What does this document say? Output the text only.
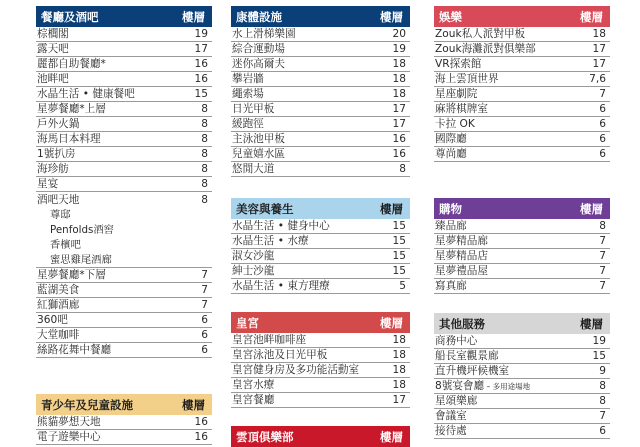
餐廳及酒吧	樓層
棕櫚閣	19
露天吧	17
麗都自助餐廳*	16
池畔吧	16
水晶生活 • 健康餐吧	15
星夢餐廳*上層	8
戶外火鍋	8
海馬日本料理	8
1號扒房	8
海珍舫	8
星宴	8
酒吧天地	8
尊邸
Penfolds酒窖
香檳吧
蜜思雞尾酒廊
星夢餐廳*下層	7
藍湖美食	7
紅獅酒廊	7
360吧	6
大堂咖啡	6
絲路花舞中餐廳	6
青少年及兒童設施	樓層
熊貓夢想天地	16
電子遊樂中心	16
康體設施	樓層
水上滑梯樂園	20
綜合運動場	19
迷你高爾夫	18
攀岩牆	18
繩索場	18
日光甲板	17
緩跑徑	17
主泳池甲板	16
兒童嬉水區	16
悠閒大道	8
美容與養生	樓層
水晶生活 • 健身中心	15
水晶生活 • 水療	15
淑女沙龍	15
紳士沙龍	15
水晶生活 • 東方理療	5
皇宮	樓層
皇宮池畔咖啡座	18
皇宮泳池及日光甲板	18
皇宮健身房及多功能活動室	18
皇宮水療	18
皇宮餐廳	17
雲頂俱樂部	樓層
娛樂	樓層
Zouk私人派對甲板	18
Zouk海灘派對俱樂部	17
VR探索館	17
海上雲頂世界	7,6
星座劇院	7
麻將棋牌室	6
卡拉 OK	6
國際廳	6
尊尚廳	6
購物	樓層
臻品廊	8
星夢精品廊	7
星夢精品店	7
星夢禮品屋	7
寫真廊	7
其他服務	樓層
商務中心	19
船長室觀景廊	15
直升機坪候機室	9
8號宴會廳 – 多用途場地	8
星頌樂廊	8
會議室	7
接待處	6
